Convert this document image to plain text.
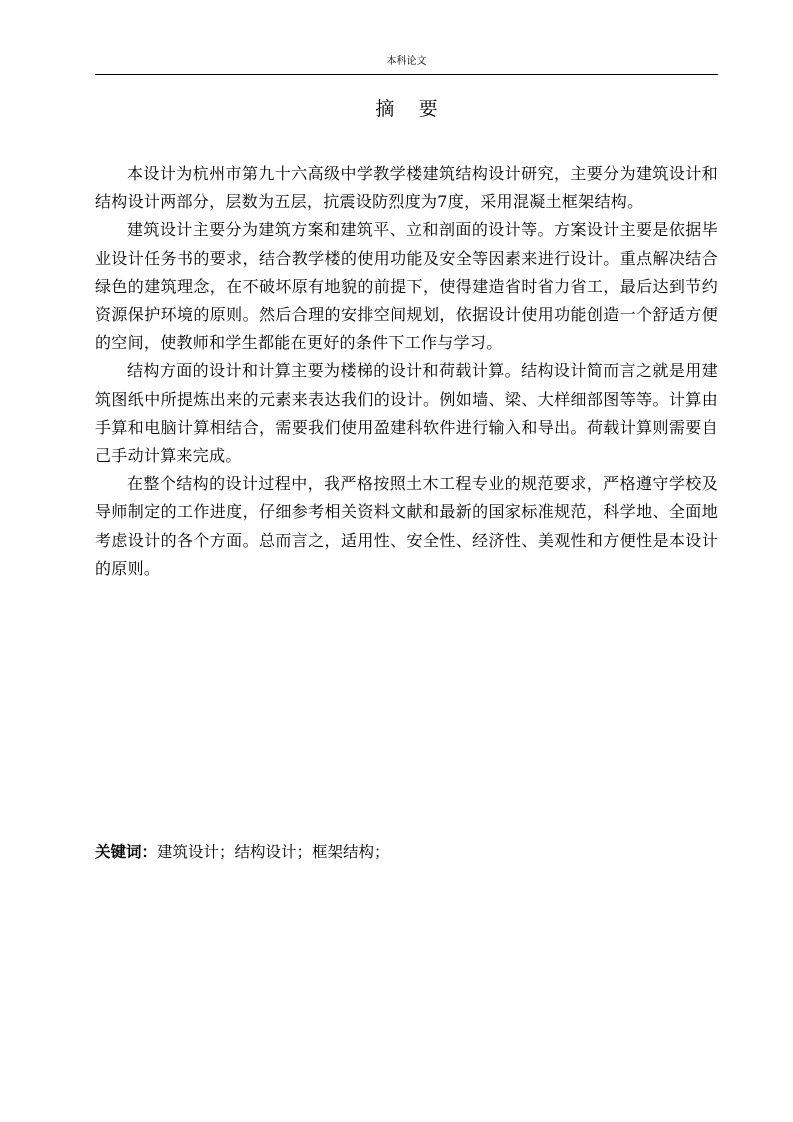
本科论文
摘    要

本设计为杭州市第九十六高级中学教学楼建筑结构设计研究，主要分为建筑设计和结构设计两部分，层数为五层，抗震设防烈度为7度，采用混凝土框架结构。

建筑设计主要分为建筑方案和建筑平、立和剖面的设计等。方案设计主要是依据毕业设计任务书的要求，结合教学楼的使用功能及安全等因素来进行设计。重点解决结合绿色的建筑理念，在不破坏原有地貌的前提下，使得建造省时省力省工，最后达到节约资源保护环境的原则。然后合理的安排空间规划，依据设计使用功能创造一个舒适方便的空间，使教师和学生都能在更好的条件下工作与学习。

结构方面的设计和计算主要为楼梯的设计和荷载计算。结构设计简而言之就是用建筑图纸中所提炼出来的元素来表达我们的设计。例如墙、梁、大样细部图等等。计算由手算和电脑计算相结合，需要我们使用盈建科软件进行输入和导出。荷载计算则需要自己手动计算来完成。

在整个结构的设计过程中，我严格按照土木工程专业的规范要求，严格遵守学校及导师制定的工作进度，仔细参考相关资料文献和最新的国家标准规范，科学地、全面地考虑设计的各个方面。总而言之，适用性、安全性、经济性、美观性和方便性是本设计的原则。

关键词：建筑设计；结构设计；框架结构；
